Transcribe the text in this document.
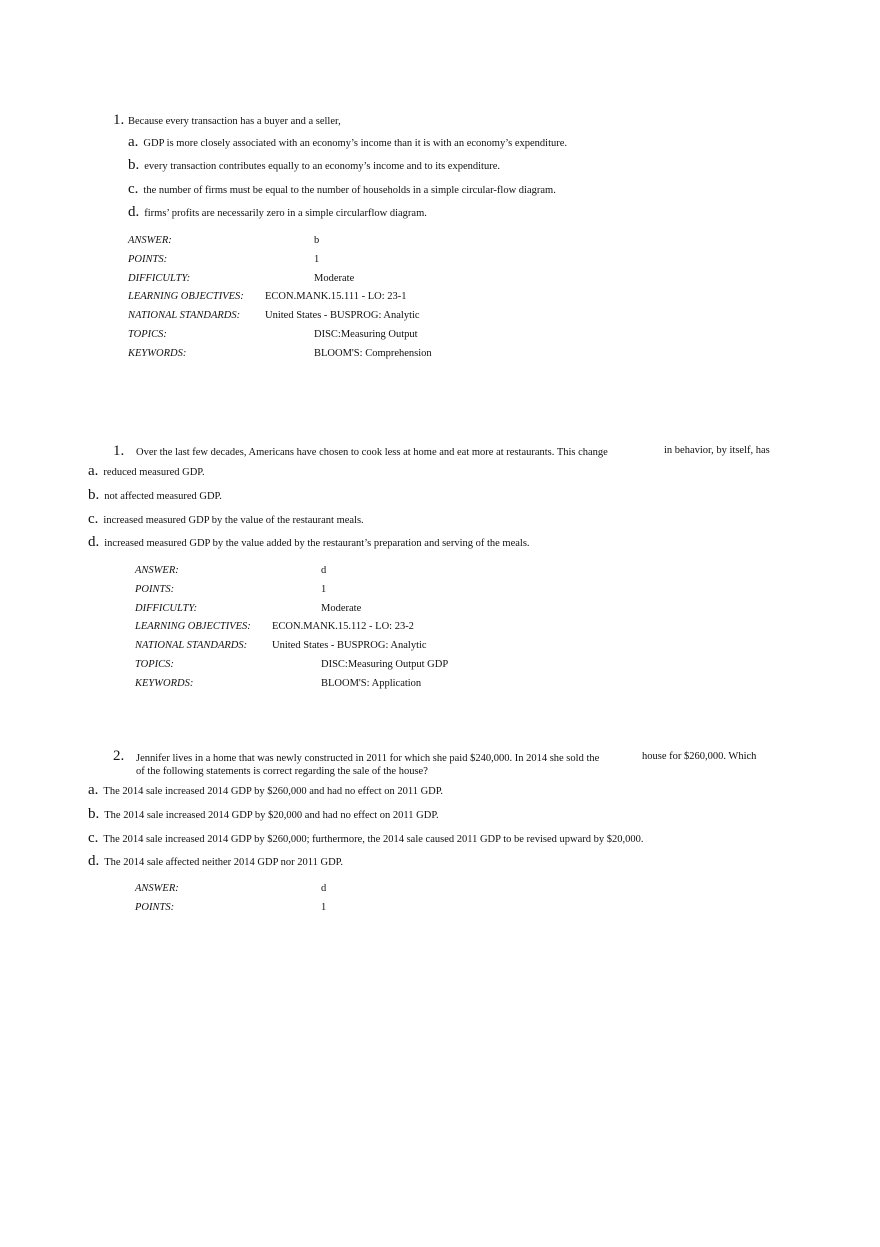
1. Because every transaction has a buyer and a seller,
a. GDP is more closely associated with an economy’s income than it is with an economy’s expenditure.
b. every transaction contributes equally to an economy’s income and to its expenditure.
c. the number of firms must be equal to the number of households in a simple circular-flow diagram.
d. firms’ profits are necessarily zero in a simple circularflow diagram.
ANSWER:	b
POINTS:	1
DIFFICULTY:	Moderate
LEARNING OBJECTIVES: ECON.MANK.15.111 - LO: 23-1
NATIONAL STANDARDS: United States - BUSPROG: Analytic
TOPICS:	DISC:Measuring Output
KEYWORDS:	BLOOM'S: Comprehension
1. Over the last few decades, Americans have chosen to cook less at home and eat more at restaurants. This change	in behavior, by itself, has
a. reduced measured GDP.
b. not affected measured GDP.
c. increased measured GDP by the value of the restaurant meals.
d. increased measured GDP by the value added by the restaurant’s preparation and serving of the meals.
ANSWER:	d
POINTS:	1
DIFFICULTY:	Moderate
LEARNING OBJECTIVES: ECON.MANK.15.112 - LO: 23-2
NATIONAL STANDARDS: United States - BUSPROG: Analytic
TOPICS:	DISC:Measuring Output GDP
KEYWORDS:	BLOOM'S: Application
2. Jennifer lives in a home that was newly constructed in 2011 for which she paid $240,000. In 2014 she sold the	house for $260,000. Which
of the following statements is correct regarding the sale of the house?
a. The 2014 sale increased 2014 GDP by $260,000 and had no effect on 2011 GDP.
b. The 2014 sale increased 2014 GDP by $20,000 and had no effect on 2011 GDP.
c. The 2014 sale increased 2014 GDP by $260,000; furthermore, the 2014 sale caused 2011 GDP to be revised upward by $20,000.
d. The 2014 sale affected neither 2014 GDP nor 2011 GDP.
ANSWER:	d
POINTS:	1
